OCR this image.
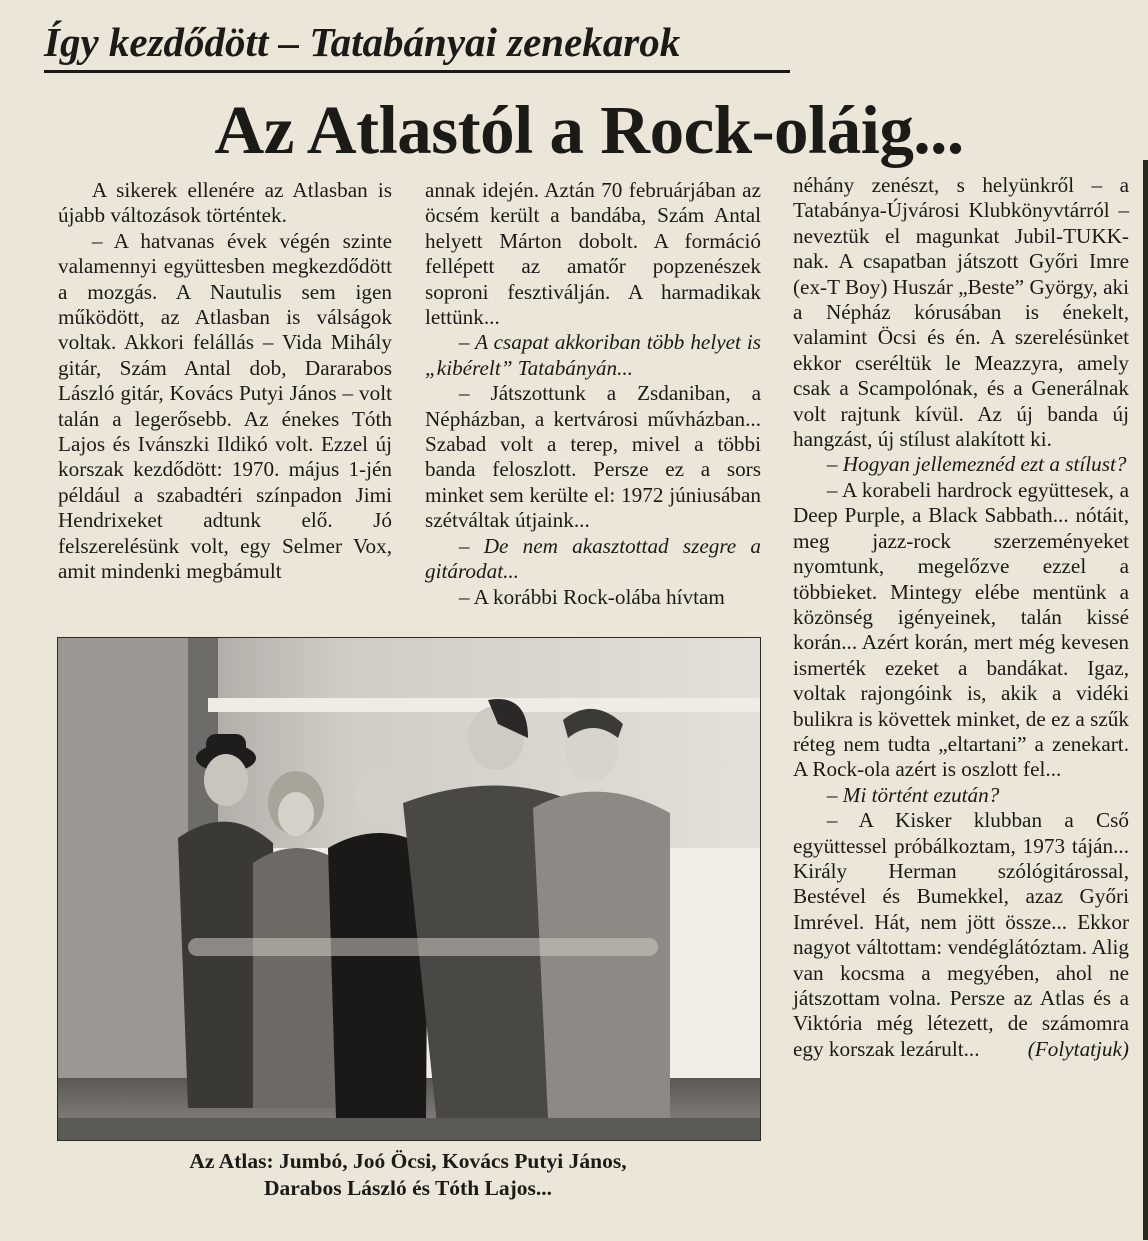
Így kezdődött – Tatabányai zenekarok
Az Atlastól a Rock-oláig...

A sikerek ellenére az Atlasban is újabb változások történtek.

– A hatvanas évek végén szinte valamennyi együttesben megkezdődött a mozgás. A Nautulis sem igen működött, az Atlasban is válságok voltak. Akkori felállás – Vida Mihály gitár, Szám Antal dob, Dararabos László gitár, Kovács Putyi János – volt talán a legerősebb. Az énekes Tóth Lajos és Ivánszki Ildikó volt. Ezzel új korszak kezdődött: 1970. május 1-jén például a szabadtéri színpadon Jimi Hendrixeket adtunk elő. Jó felszerelésünk volt, egy Selmer Vox, amit mindenki megbámult

annak idején. Aztán 70 februárjában az öcsém került a bandába, Szám Antal helyett Márton dobolt. A formáció fellépett az amatőr popzenészek soproni fesztiválján. A harmadikak lettünk...

– A csapat akkoriban több helyet is „kibérelt” Tatabányán...

– Játszottunk a Zsdaniban, a Népházban, a kertvárosi művházban... Szabad volt a terep, mivel a többi banda feloszlott. Persze ez a sors minket sem kerülte el: 1972 júniusában szétváltak útjaink...

– De nem akasztottad szegre a gitárodat...

– A korábbi Rock-olába hívtam

néhány zenészt, s helyünkről – a Tatabánya-Újvárosi Klubkönyvtárról – neveztük el magunkat Jubil-TUKK-nak. A csapatban játszott Győri Imre (ex-T Boy) Huszár „Beste” György, aki a Népház kórusában is énekelt, valamint Öcsi és én. A szerelésünket ekkor cseréltük le Meazzyra, amely csak a Scampolónak, és a Generálnak volt rajtunk kívül. Az új banda új hangzást, új stílust alakított ki.

– Hogyan jellemeznéd ezt a stílust?

– A korabeli hardrock együttesek, a Deep Purple, a Black Sabbath... nótáit, meg jazz-rock szerzeményeket nyomtunk, megelőzve ezzel a többieket. Mintegy elébe mentünk a közönség igényeinek, talán kissé korán... Azért korán, mert még kevesen ismerték ezeket a bandákat. Igaz, voltak rajongóink is, akik a vidéki bulikra is követtek minket, de ez a szűk réteg nem tudta „eltartani” a zenekart. A Rock-ola azért is oszlott fel...

– Mi történt ezután?

– A Kisker klubban a Cső együttessel próbálkoztam, 1973 táján... Király Herman szólógitárossal, Bestével és Bumekkel, azaz Győri Imrével. Hát, nem jött össze... Ekkor nagyot váltottam: vendéglátóztam. Alig van kocsma a megyében, ahol ne játszottam volna. Persze az Atlas és a Viktória még létezett, de számomra egy korszak lezárult...	(Folytatjuk)

Az Atlas: Jumbó, Joó Öcsi, Kovács Putyi János,
Darabos László és Tóth Lajos...
